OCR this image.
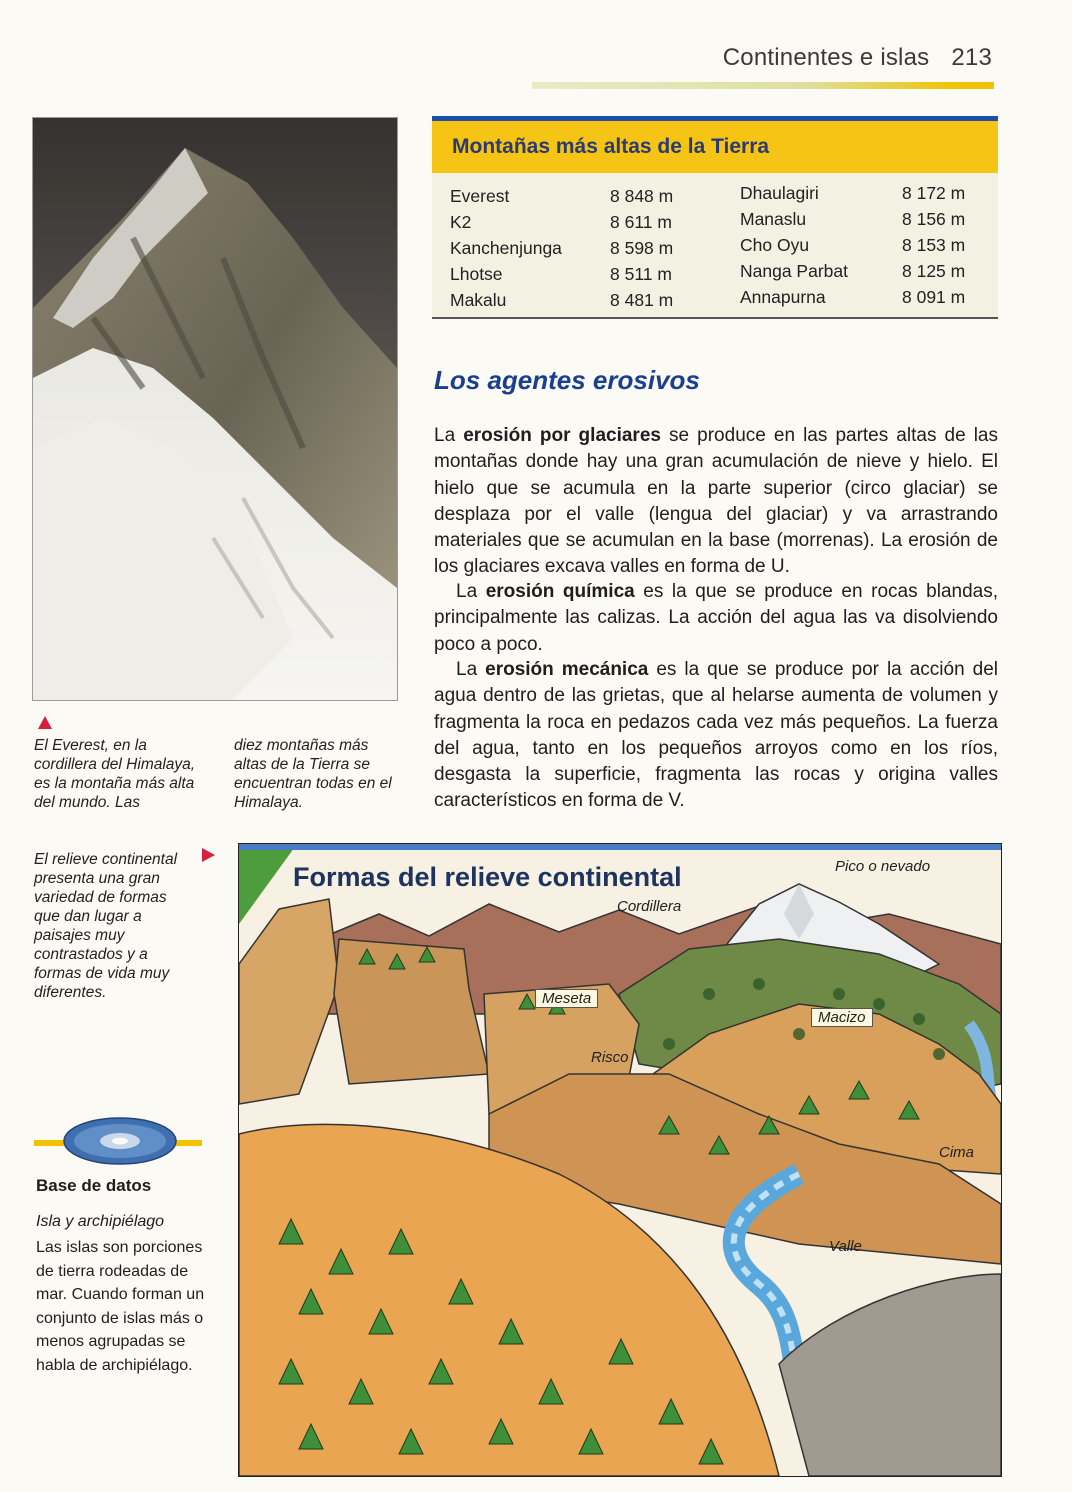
Continentes e islas 213
El Everest, en la cordillera del Himalaya, es la montaña más alta del mundo. Las
diez montañas más altas de la Tierra se encuentran todas en el Himalaya.
El relieve continental presenta una gran variedad de formas que dan lugar a paisajes muy contrastados y a formas de vida muy diferentes.
Base de datos
Isla y archipiélago
Las islas son porciones de tierra rodeadas de mar. Cuando forman un conjunto de islas más o menos agrupadas se habla de archipiélago.
Montañas más altas de la Tierra
Everest	8 848 m
K2	8 611 m
Kanchenjunga	8 598 m
Lhotse	8 511 m
Makalu	8 481 m
Dhaulagiri	8 172 m
Manaslu	8 156 m
Cho Oyu	8 153 m
Nanga Parbat	8 125 m
Annapurna	8 091 m
Los agentes erosivos
La erosión por glaciares se produce en las partes altas de las montañas donde hay una gran acumulación de nieve y hielo. El hielo que se acumula en la parte superior (circo glaciar) se desplaza por el valle (lengua del glaciar) y va arrastrando materiales que se acumulan en la base (morrenas). La erosión de los glaciares excava valles en forma de U.
La erosión química es la que se produce en rocas blandas, principalmente las calizas. La acción del agua las va disolviendo poco a poco.
La erosión mecánica es la que se produce por la acción del agua dentro de las grietas, que al helarse aumenta de volumen y fragmenta la roca en pedazos cada vez más pequeños. La fuerza del agua, tanto en los pequeños arroyos como en los ríos, desgasta la superficie, fragmenta las rocas y origina valles característicos en forma de V.
Formas del relieve continental	Pico o nevado
Cordillera
Meseta
Macizo
Risco
Cima
Valle
